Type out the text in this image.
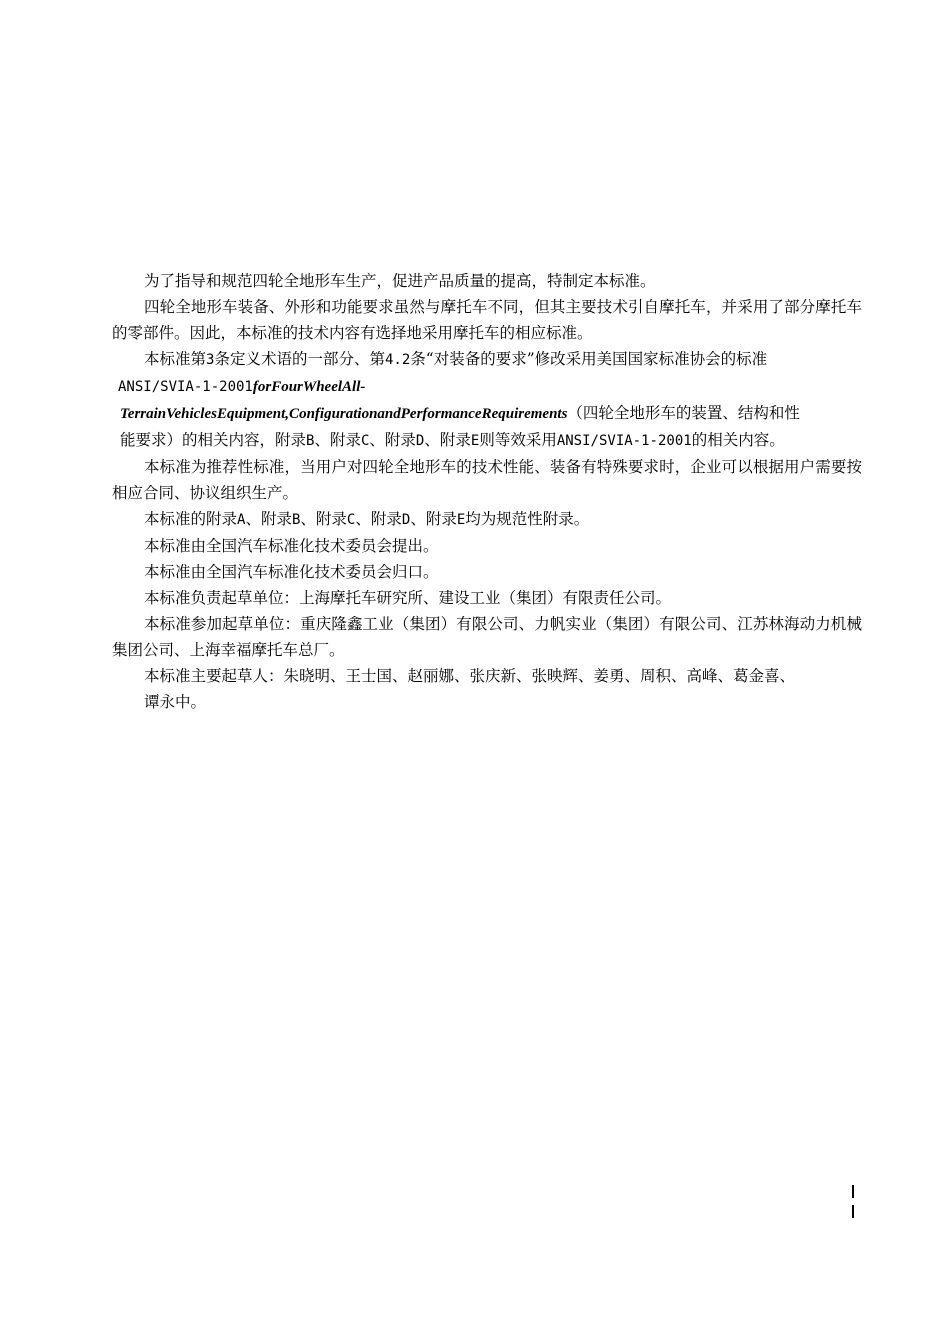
为了指导和规范四轮全地形车生产，促进产品质量的提高，特制定本标准。

四轮全地形车装备、外形和功能要求虽然与摩托车不同，但其主要技术引自摩托车，并采用了部分摩托车的零部件。因此，本标准的技术内容有选择地采用摩托车的相应标准。

本标准第3条定义术语的一部分、第4.2条“对装备的要求”修改采用美国国家标准协会的标准
ANSI/SVIA-1-2001forFourWheelAll-
TerrainVehiclesEquipment,ConfigurationandPerformanceRequirements（四轮全地形车的装置、结构和性
能要求）的相关内容，附录B、附录C、附录D、附录E则等效采用ANSI/SVIA-1-2001的相关内容。

本标准为推荐性标准，当用户对四轮全地形车的技术性能、装备有特殊要求时，企业可以根据用户需要按相应合同、协议组织生产。

本标准的附录A、附录B、附录C、附录D、附录E均为规范性附录。

本标准由全国汽车标准化技术委员会提出。

本标准由全国汽车标准化技术委员会归口。

本标准负责起草单位：上海摩托车研究所、建设工业（集团）有限责任公司。

本标准参加起草单位：重庆隆鑫工业（集团）有限公司、力帆实业（集团）有限公司、江苏林海动力机械集团公司、上海幸福摩托车总厂。

本标准主要起草人：朱晓明、王士国、赵丽娜、张庆新、张映辉、姜勇、周积、高峰、葛金喜、
谭永中。
